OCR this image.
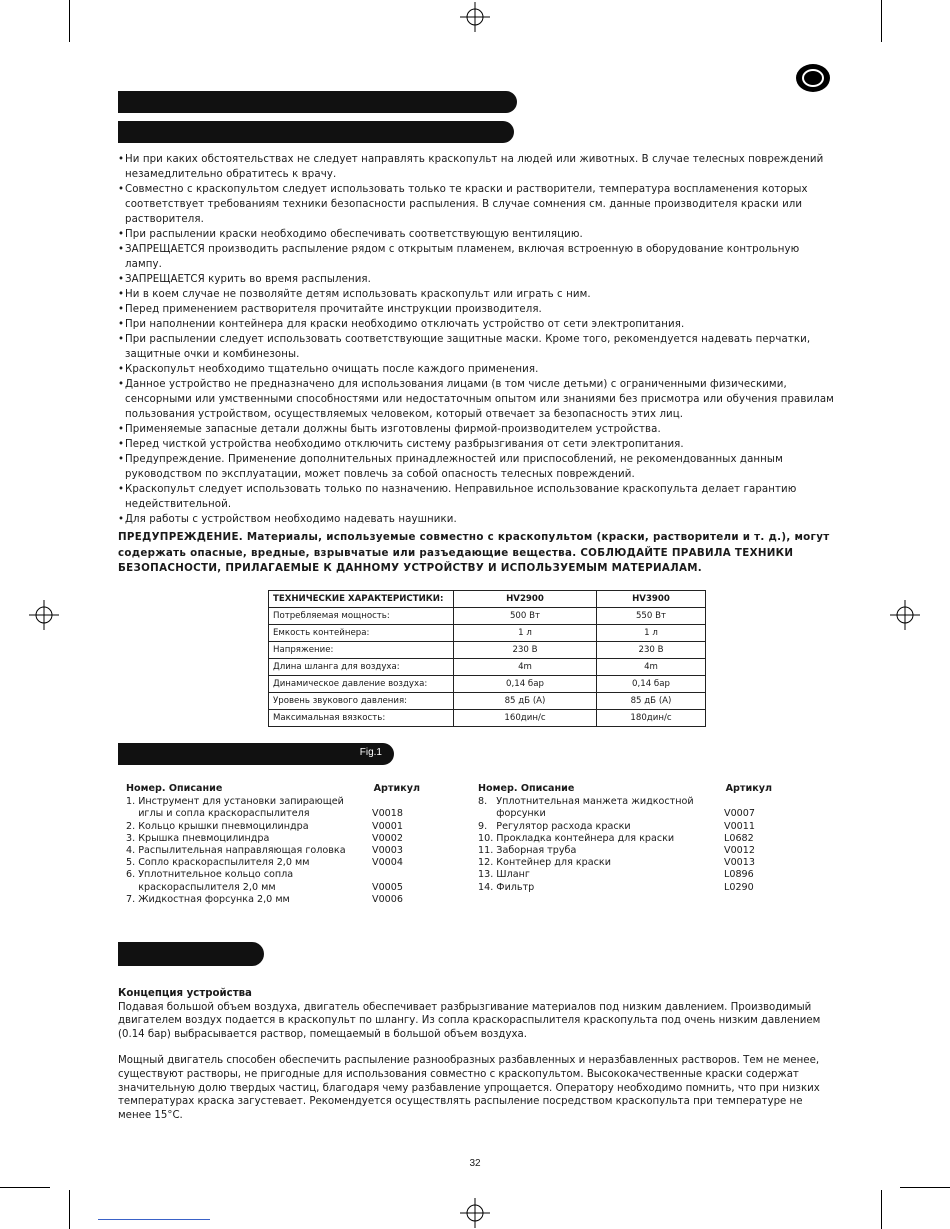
• Ни при каких обстоятельствах не следует направлять краскопульт на людей или животных. В случае телесных повреждений незамедлительно обратитесь к врачу.
• Совместно с краскопультом следует использовать только те краски и растворители, температура воспламенения которых соответствует требованиям техники безопасности распыления. В случае сомнения см. данные производителя краски или растворителя.
• При распылении краски необходимо обеспечивать соответствующую вентиляцию.
• ЗАПРЕЩАЕТСЯ производить распыление рядом с открытым пламенем, включая встроенную в оборудование контрольную лампу.
• ЗАПРЕЩАЕТСЯ курить во время распыления.
• Ни в коем случае не позволяйте детям использовать краскопульт или играть с ним.
• Перед применением растворителя прочитайте инструкции производителя.
• При наполнении контейнера для краски необходимо отключать устройство от сети электропитания.
• При распылении следует использовать соответствующие защитные маски. Кроме того, рекомендуется надевать перчатки, защитные очки и комбинезоны.
• Краскопульт необходимо тщательно очищать после каждого применения.
• Данное устройство не предназначено для использования лицами (в том числе детьми) с ограниченными физическими, сенсорными или умственными способностями или недостаточным опытом или знаниями без присмотра или обучения правилам пользования устройством, осуществляемых человеком, который отвечает за безопасность этих лиц.
• Применяемые запасные детали должны быть изготовлены фирмой-производителем устройства.
• Перед чисткой устройства необходимо отключить систему разбрызгивания от сети электропитания.
• Предупреждение. Применение дополнительных принадлежностей или приспособлений, не рекомендованных данным руководством по эксплуатации, может повлечь за собой опасность телесных повреждений.
• Краскопульт следует использовать только по назначению. Неправильное использование краскопульта делает гарантию недействительной.
• Для работы с устройством необходимо надевать наушники.
ПРЕДУПРЕЖДЕНИЕ. Материалы, используемые совместно с краскопультом (краски, растворители и т. д.), могут содержать опасные, вредные, взрывчатые или разъедающие вещества. СОБЛЮДАЙТЕ ПРАВИЛА ТЕХНИКИ БЕЗОПАСНОСТИ, ПРИЛАГАЕМЫЕ К ДАННОМУ УСТРОЙСТВУ И ИСПОЛЬЗУЕМЫМ МАТЕРИАЛАМ.
ТЕХНИЧЕСКИЕ ХАРАКТЕРИСТИКИ:	HV2900	HV3900
Потребляемая мощность:	500 Вт	550 Вт
Емкость контейнера:	1 л	1 л
Напряжение:	230 В	230 В
Длина шланга для воздуха:	4m	4m
Динамическое давление воздуха:	0,14 бар	0,14 бар
Уровень звукового давления:	85 дБ (A)	85 дБ (A)
Максимальная вязкость:	160дин/с	180дин/с
Fig.1
Номер. Описание	Артикул
1. Инструмент для установки запирающей
иглы и сопла краскораспылителя	V0018
2. Кольцо крышки пневмоцилиндра	V0001
3. Крышка пневмоцилиндра	V0002
4. Распылительная направляющая головка	V0003
5. Сопло краскораспылителя 2,0 мм	V0004
6. Уплотнительное кольцо сопла
краскораспылителя 2,0 мм	V0005
7. Жидкостная форсунка 2,0 мм	V0006
Номер. Описание	Артикул
8.   Уплотнительная манжета жидкостной
форсунки	V0007
9.   Регулятор расхода краски	V0011
10. Прокладка контейнера для краски	L0682
11. Заборная труба	V0012
12. Контейнер для краски	V0013
13. Шланг	L0896
14. Фильтр	L0290
Концепция устройства

Подавая большой объем воздуха, двигатель обеспечивает разбрызгивание материалов под низким давлением. Производимый двигателем воздух подается в краскопульт по шлангу. Из сопла краскораспылителя краскопульта под очень низким давлением (0.14 бар) выбрасывается раствор, помещаемый в большой объем воздуха.

Мощный двигатель способен обеспечить распыление разнообразных разбавленных и неразбавленных растворов. Тем не менее, существуют растворы, не пригодные для использования совместно с краскопультом. Высококачественные краски содержат значительную долю твердых частиц, благодаря чему разбавление упрощается. Оператору необходимо помнить, что при низких температурах краска загустевает. Рекомендуется осуществлять распыление посредством краскопульта при температуре не менее 15°С.

32
